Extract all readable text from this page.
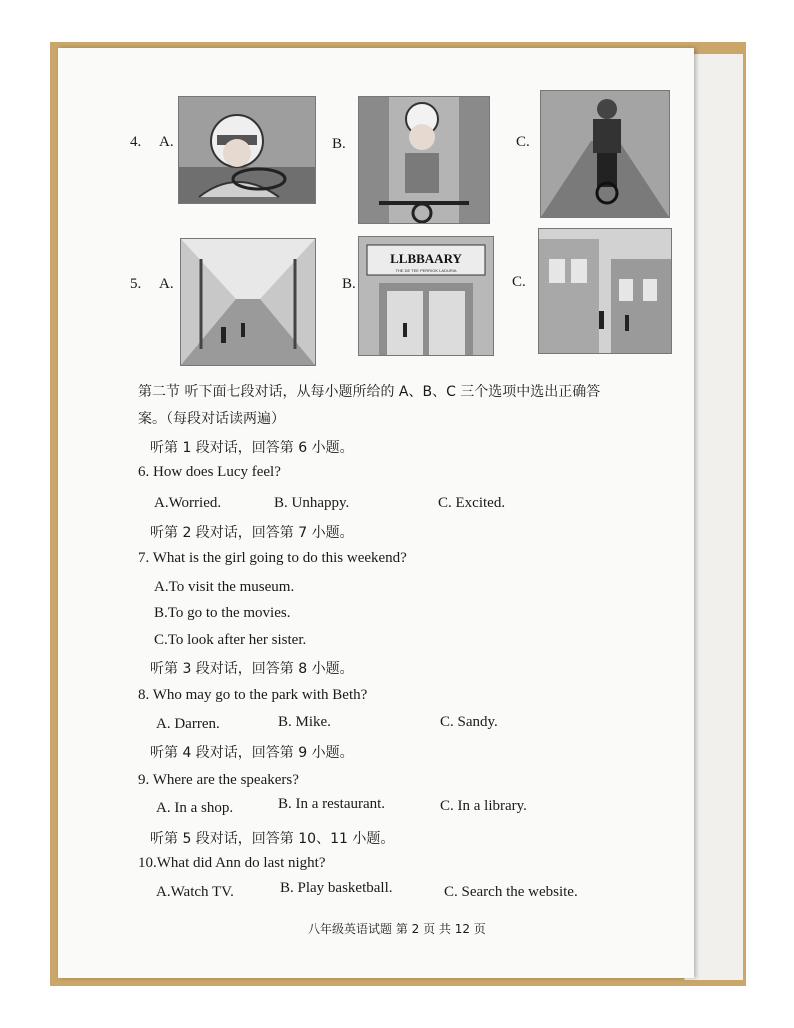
4. A.	B.	C.
5. A.	B.	C.
LLBBAARY
THE DE TEE PERRIOK LADURIA
第二节 听下面七段对话，从每小题所给的 A、B、C 三个选项中选出正确答
案。（每段对话读两遍）
听第 1 段对话，回答第 6 小题。
6. How does Lucy feel?
A.Worried.	B. Unhappy.	C. Excited.
听第 2 段对话，回答第 7 小题。
7. What is the girl going to do this weekend?
A.To visit the museum.
B.To go to the movies.
C.To look after her sister.
听第 3 段对话，回答第 8 小题。
8. Who may go to the park with Beth?
A. Darren.	B. Mike.	C. Sandy.
听第 4 段对话，回答第 9 小题。
9. Where are the speakers?
A. In a shop.	B. In a restaurant.	C. In a library.
听第 5 段对话，回答第 10、11 小题。
10.What did Ann do last night?
A.Watch TV.	B. Play basketball.	C. Search the website.
八年级英语试题 第 2 页 共 12 页
